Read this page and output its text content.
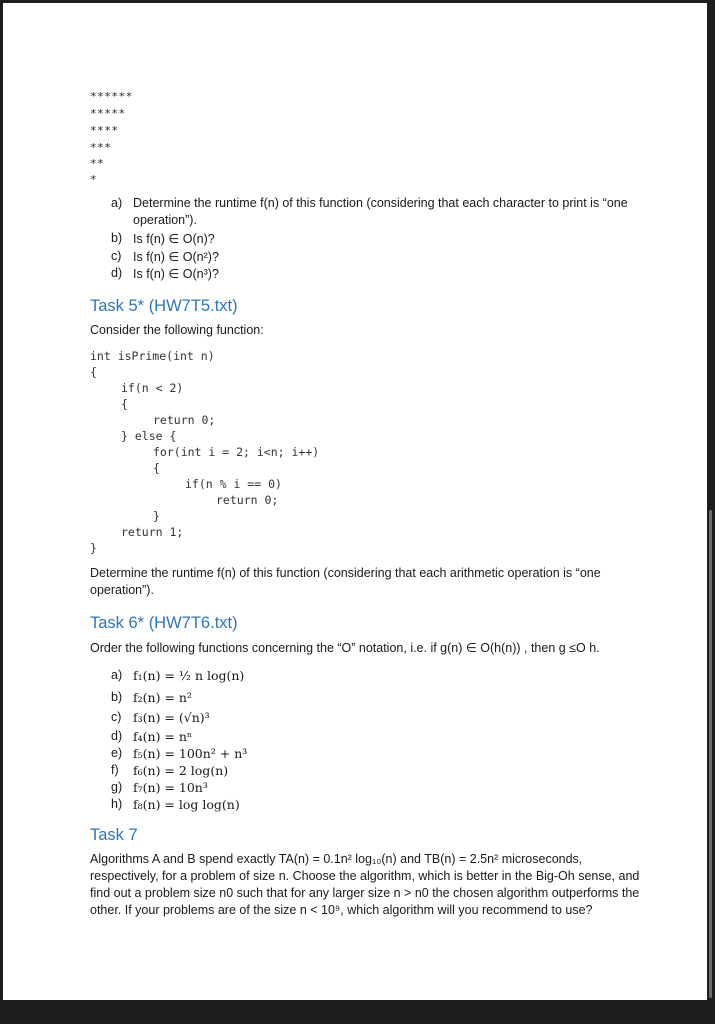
******
*****
****
***
**
*
a) Determine the runtime f(n) of this function (considering that each character to print is “one
operation”).
b) Is f(n) ∈ O(n)?
c) Is f(n) ∈ O(n²)?
d) Is f(n) ∈ O(n³)?
Task 5* (HW7T5.txt)
Consider the following function:
int isPrime(int n)
{
if(n < 2)
{
return 0;
} else {
for(int i = 2; i<n; i++)
{
if(n % i == 0)
return 0;
}
return 1;
}
Determine the runtime f(n) of this function (considering that each arithmetic operation is “one
operation”).
Task 6* (HW7T6.txt)
Order the following functions concerning the “O” notation, i.e. if g(n) ∈ O(h(n)) , then g ≤O h.
a) f₁(n) = ½ n log(n)
b) f₂(n) = n²
c) f₃(n) = (√n)³
d) f₄(n) = nⁿ
e) f₅(n) = 100n² + n³
f) f₆(n) = 2 log(n)
g) f₇(n) = 10n³
h) f₈(n) = log log(n)
Task 7
Algorithms A and B spend exactly TA(n) = 0.1n² log₁₀(n) and TB(n) = 2.5n² microseconds,
respectively, for a problem of size n. Choose the algorithm, which is better in the Big-Oh sense, and
find out a problem size n0 such that for any larger size n > n0 the chosen algorithm outperforms the
other. If your problems are of the size n < 10⁹, which algorithm will you recommend to use?
